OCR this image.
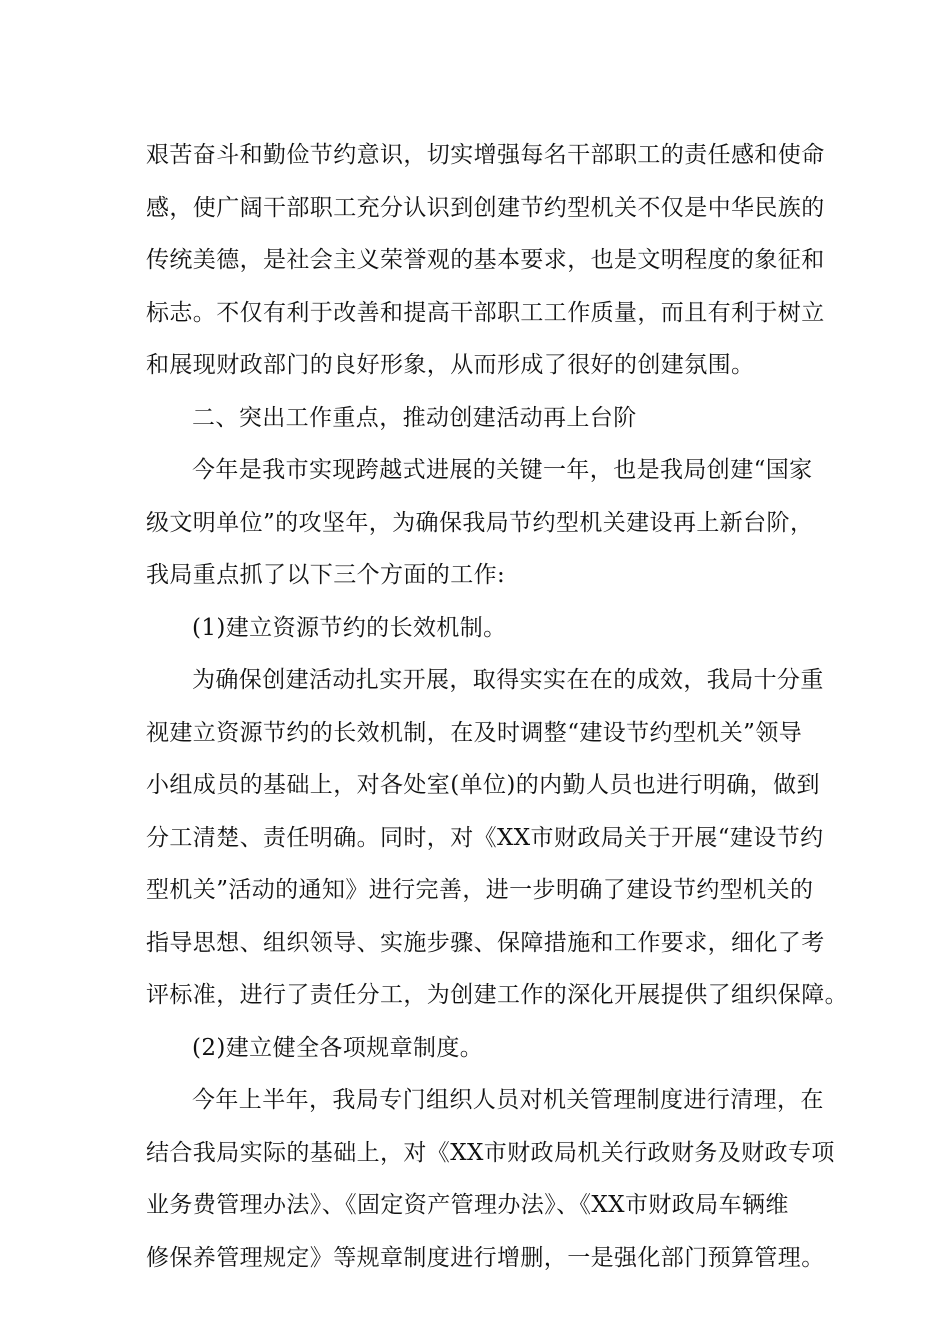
艰苦奋斗和勤俭节约意识，切实增强每名干部职工的责任感和使命
感，使广阔干部职工充分认识到创建节约型机关不仅是中华民族的
传统美德，是社会主义荣誉观的基本要求，也是文明程度的象征和
标志。不仅有利于改善和提高干部职工工作质量，而且有利于树立
和展现财政部门的良好形象，从而形成了很好的创建氛围。
二、突出工作重点，推动创建活动再上台阶
今年是我市实现跨越式进展的关键一年，也是我局创建“国家
级文明单位”的攻坚年，为确保我局节约型机关建设再上新台阶，
我局重点抓了以下三个方面的工作:
(1)建立资源节约的长效机制。
为确保创建活动扎实开展，取得实实在在的成效，我局十分重
视建立资源节约的长效机制，在及时调整“建设节约型机关”领导
小组成员的基础上，对各处室(单位)的内勤人员也进行明确，做到
分工清楚、责任明确。同时，对《XX市财政局关于开展“建设节约
型机关”活动的通知》进行完善，进一步明确了建设节约型机关的
指导思想、组织领导、实施步骤、保障措施和工作要求，细化了考
评标准，进行了责任分工，为创建工作的深化开展提供了组织保障。
(2)建立健全各项规章制度。
今年上半年，我局专门组织人员对机关管理制度进行清理，在
结合我局实际的基础上，对《XX市财政局机关行政财务及财政专项
业务费管理办法》、《固定资产管理办法》、《XX市财政局车辆维
修保养管理规定》等规章制度进行增删，一是强化部门预算管理。
